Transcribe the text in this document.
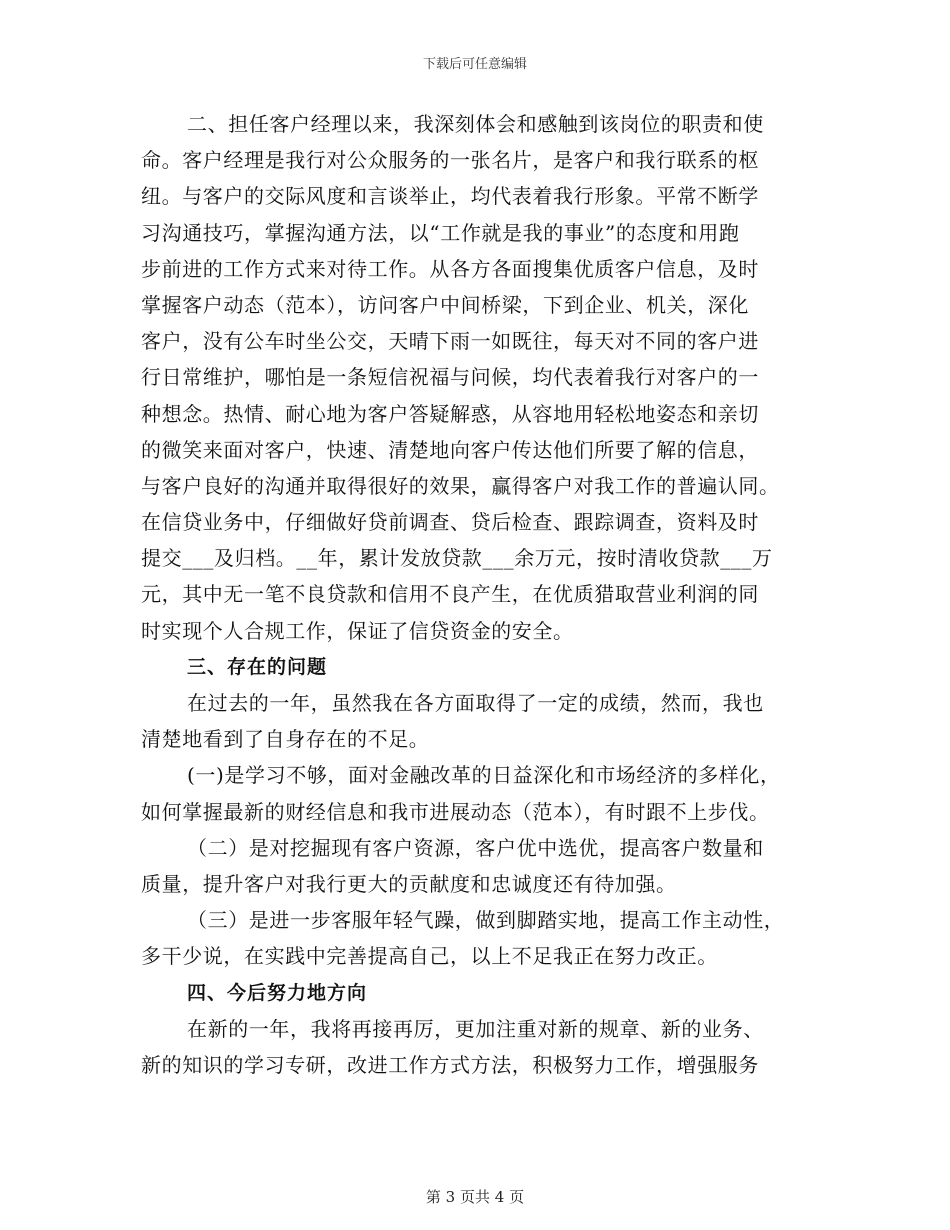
下载后可任意编辑
二、担任客户经理以来，我深刻体会和感触到该岗位的职责和使
命。客户经理是我行对公众服务的一张名片，是客户和我行联系的枢
纽。与客户的交际风度和言谈举止，均代表着我行形象。平常不断学
习沟通技巧，掌握沟通方法，以“工作就是我的事业”的态度和用跑
步前进的工作方式来对待工作。从各方各面搜集优质客户信息，及时
掌握客户动态（范本），访问客户中间桥梁，下到企业、机关，深化
客户，没有公车时坐公交，天晴下雨一如既往，每天对不同的客户进
行日常维护，哪怕是一条短信祝福与问候，均代表着我行对客户的一
种想念。热情、耐心地为客户答疑解惑，从容地用轻松地姿态和亲切
的微笑来面对客户，快速、清楚地向客户传达他们所要了解的信息，
与客户良好的沟通并取得很好的效果，赢得客户对我工作的普遍认同。
在信贷业务中，仔细做好贷前调查、贷后检查、跟踪调查，资料及时
提交___及归档。__年，累计发放贷款___余万元，按时清收贷款___万
元，其中无一笔不良贷款和信用不良产生，在优质猎取营业利润的同
时实现个人合规工作，保证了信贷资金的安全。
三、存在的问题
在过去的一年，虽然我在各方面取得了一定的成绩，然而，我也
清楚地看到了自身存在的不足。
(一)是学习不够，面对金融改革的日益深化和市场经济的多样化，
如何掌握最新的财经信息和我市进展动态（范本），有时跟不上步伐。
（二）是对挖掘现有客户资源，客户优中选优，提高客户数量和
质量，提升客户对我行更大的贡献度和忠诚度还有待加强。
（三）是进一步客服年轻气躁，做到脚踏实地，提高工作主动性，
多干少说，在实践中完善提高自己，以上不足我正在努力改正。
四、今后努力地方向
在新的一年，我将再接再厉，更加注重对新的规章、新的业务、
新的知识的学习专研，改进工作方式方法，积极努力工作，增强服务
第 3 页共 4 页
